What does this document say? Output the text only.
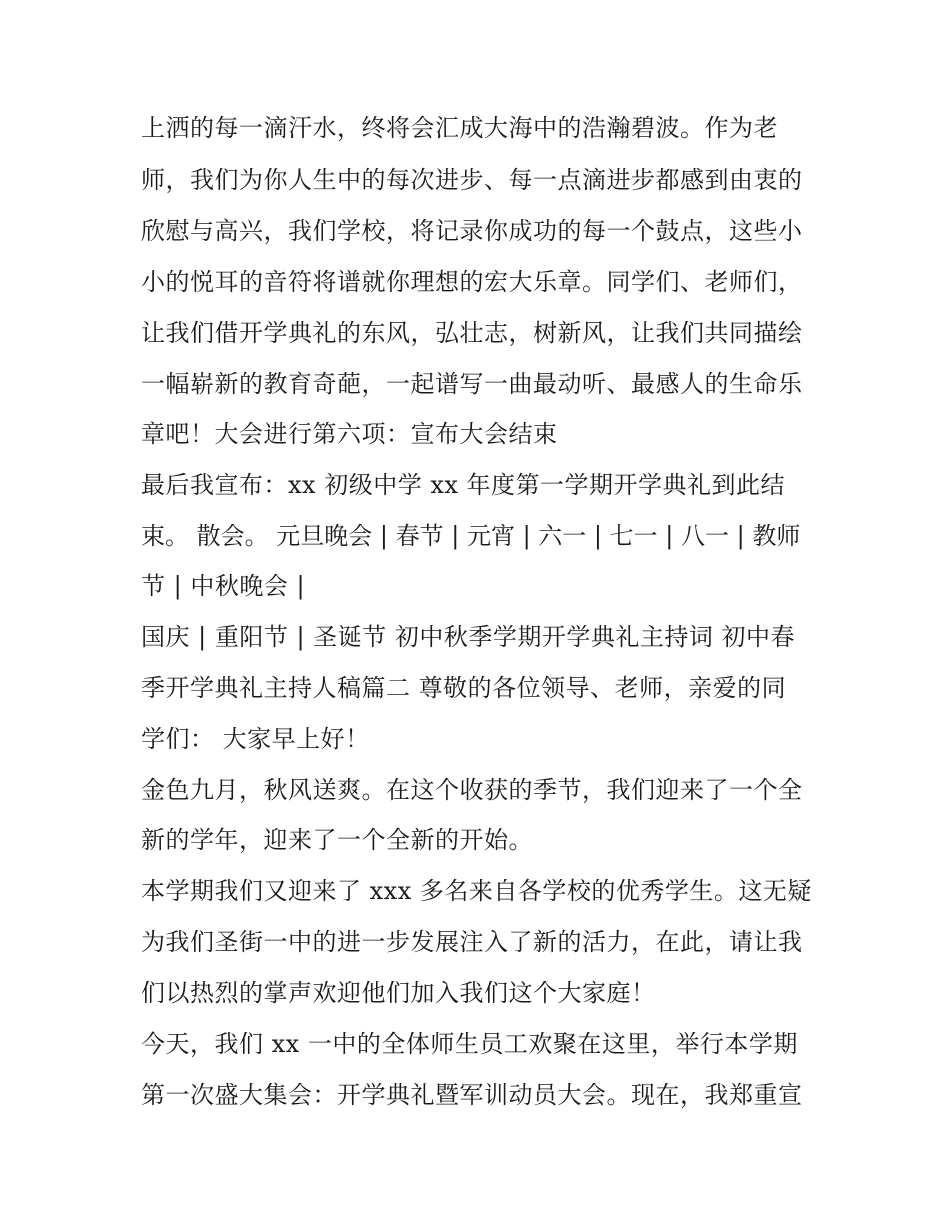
上洒的每一滴汗水，终将会汇成大海中的浩瀚碧波。作为老
师，我们为你人生中的每次进步、每一点滴进步都感到由衷的
欣慰与高兴，我们学校，将记录你成功的每一个鼓点，这些小
小的悦耳的音符将谱就你理想的宏大乐章。同学们、老师们，
让我们借开学典礼的东风，弘壮志，树新风，让我们共同描绘
一幅崭新的教育奇葩，一起谱写一曲最动听、最感人的生命乐
章吧！大会进行第六项：宣布大会结束
最后我宣布：xx 初级中学 xx 年度第一学期开学典礼到此结
束。 散会。 元旦晚会 | 春节 | 元宵 | 六一 | 七一 | 八一 | 教师
节 | 中秋晚会 |
国庆 | 重阳节 | 圣诞节 初中秋季学期开学典礼主持词 初中春
季开学典礼主持人稿篇二 尊敬的各位领导、老师，亲爱的同
学们： 大家早上好！
金色九月，秋风送爽。在这个收获的季节，我们迎来了一个全
新的学年，迎来了一个全新的开始。
本学期我们又迎来了 xxx 多名来自各学校的优秀学生。这无疑
为我们圣街一中的进一步发展注入了新的活力，在此，请让我
们以热烈的掌声欢迎他们加入我们这个大家庭！
今天，我们 xx 一中的全体师生员工欢聚在这里，举行本学期
第一次盛大集会：开学典礼暨军训动员大会。现在，我郑重宣
